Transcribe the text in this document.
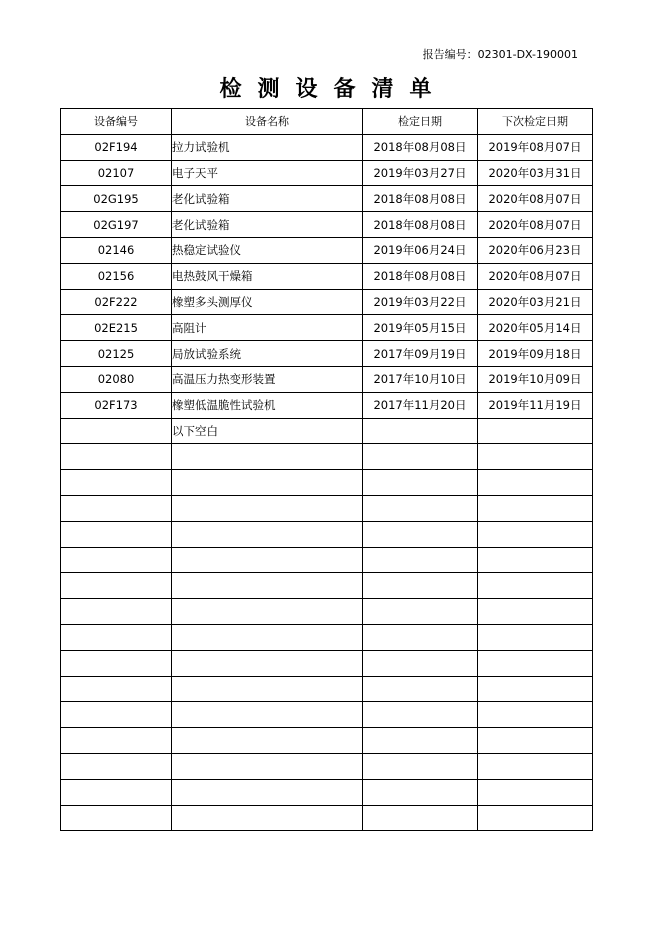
报告编号：02301-DX-190001
检测设备清单
设备编号	设备名称	检定日期	下次检定日期
02F194	拉力试验机	2018年08月08日	2019年08月07日
02107	电子天平	2019年03月27日	2020年03月31日
02G195	老化试验箱	2018年08月08日	2020年08月07日
02G197	老化试验箱	2018年08月08日	2020年08月07日
02146	热稳定试验仪	2019年06月24日	2020年06月23日
02156	电热鼓风干燥箱	2018年08月08日	2020年08月07日
02F222	橡塑多头测厚仪	2019年03月22日	2020年03月21日
02E215	高阻计	2019年05月15日	2020年05月14日
02125	局放试验系统	2017年09月19日	2019年09月18日
02080	高温压力热变形装置	2017年10月10日	2019年10月09日
02F173	橡塑低温脆性试验机	2017年11月20日	2019年11月19日
	以下空白		
